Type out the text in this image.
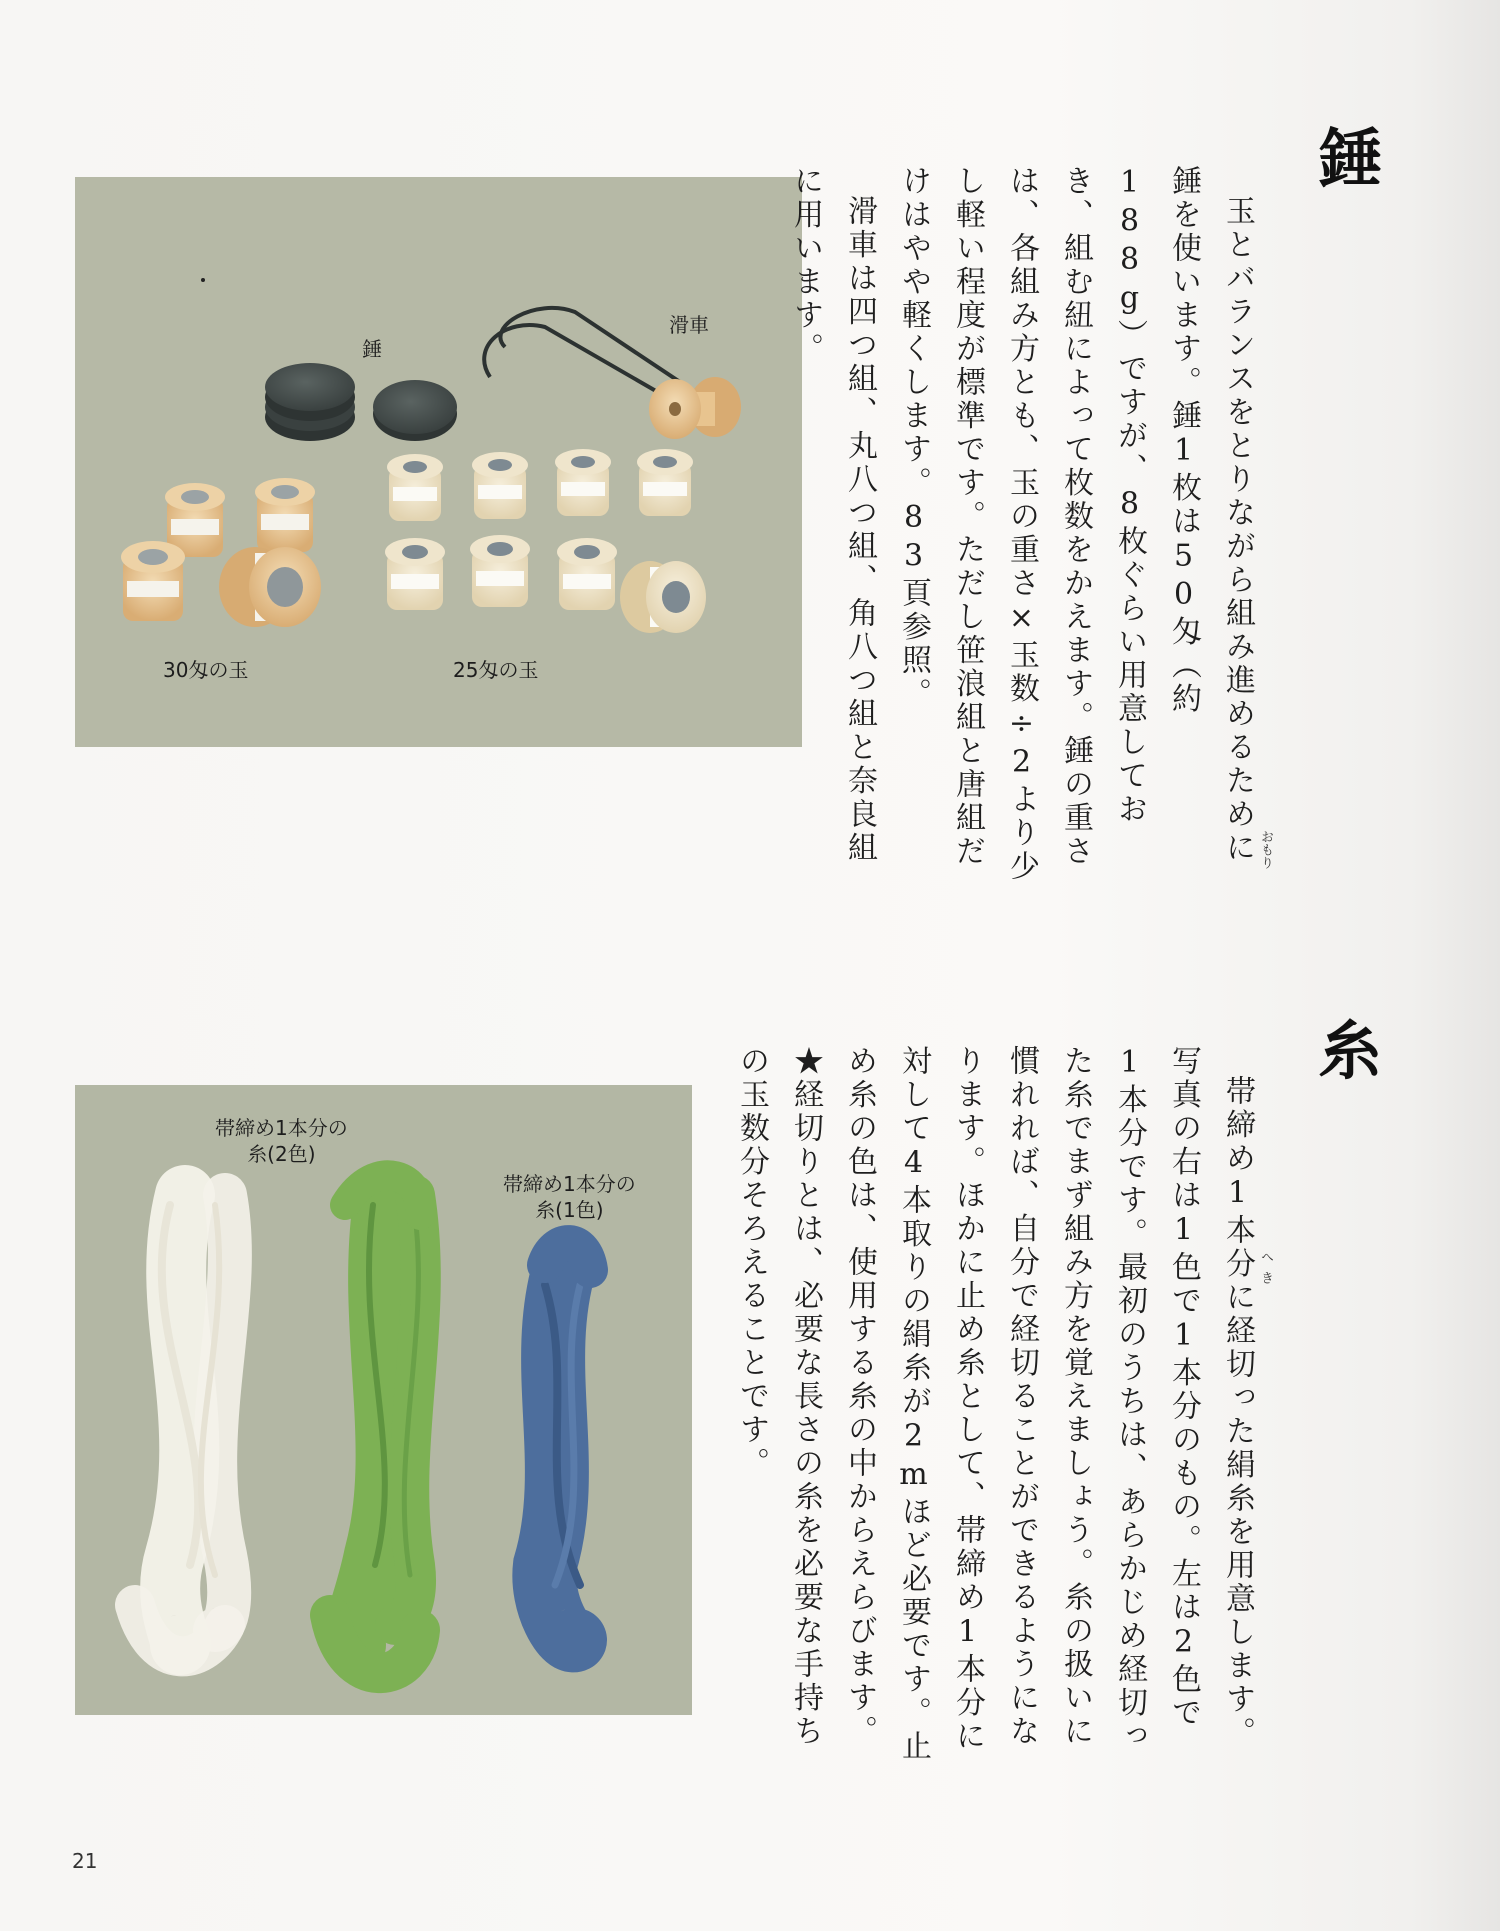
錘
滑車
30匁の玉	25匁の玉
帯締め1本分の
糸(2色)
帯締め1本分の
糸(1色)
錘
糸
玉とバランスをとりながら組み進めるために錘を使います。錘1枚は50匁（約188g）ですが、8枚ぐらい用意しておき、組む紐によって枚数をかえます。錘の重さは、各組み方とも、玉の重さ×玉数÷2より少し軽い程度が標準です。ただし笹浪組と唐組だけはやや軽くします。83頁参照。
滑車は四つ組、丸八つ組、角八つ組と奈良組に用います。
おもり
帯締め1本分に経切った絹糸を用意します。写真の右は1色で1本分のもの。左は2色で1本分です。最初のうちは、あらかじめ経切った糸でまず組み方を覚えましょう。糸の扱いに慣れれば、自分で経切ることができるようになります。ほかに止め糸として、帯締め1本分に対して4本取りの絹糸が2mほど必要です。止め糸の色は、使用する糸の中からえらびます。
★経切りとは、必要な長さの糸を必要な手持ちの玉数分そろえることです。	へき
21
